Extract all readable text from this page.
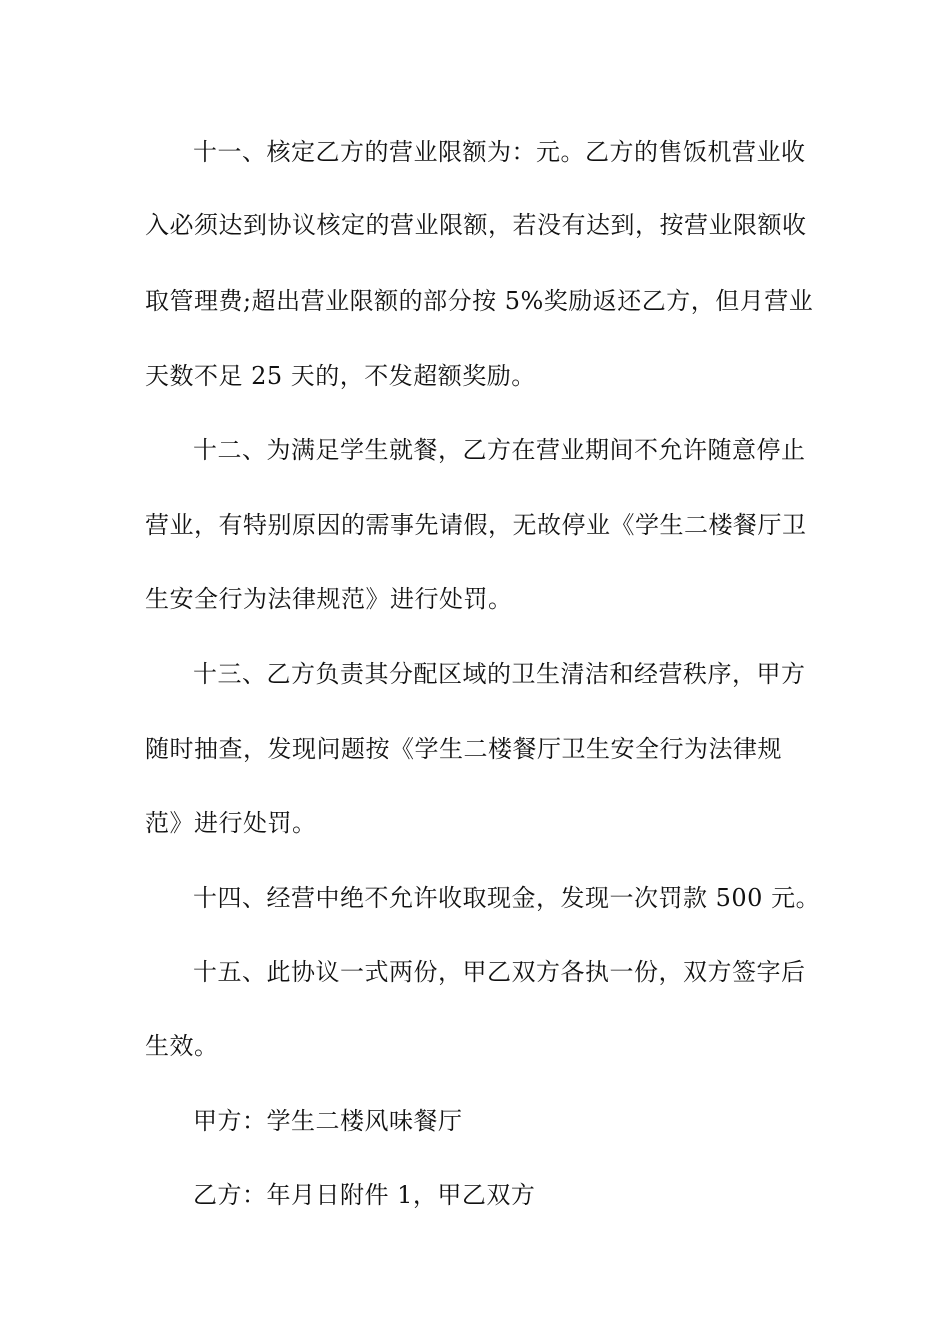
十一、核定乙方的营业限额为：元。乙方的售饭机营业收
入必须达到协议核定的营业限额，若没有达到，按营业限额收
取管理费;超出营业限额的部分按 5%奖励返还乙方，但月营业
天数不足 25 天的，不发超额奖励。
十二、为满足学生就餐，乙方在营业期间不允许随意停止
营业，有特别原因的需事先请假，无故停业《学生二楼餐厅卫
生安全行为法律规范》进行处罚。
十三、乙方负责其分配区域的卫生清洁和经营秩序，甲方
随时抽查，发现问题按《学生二楼餐厅卫生安全行为法律规
范》进行处罚。
十四、经营中绝不允许收取现金，发现一次罚款 500 元。
十五、此协议一式两份，甲乙双方各执一份，双方签字后
生效。
甲方：学生二楼风味餐厅
乙方：年月日附件 1，甲乙双方
